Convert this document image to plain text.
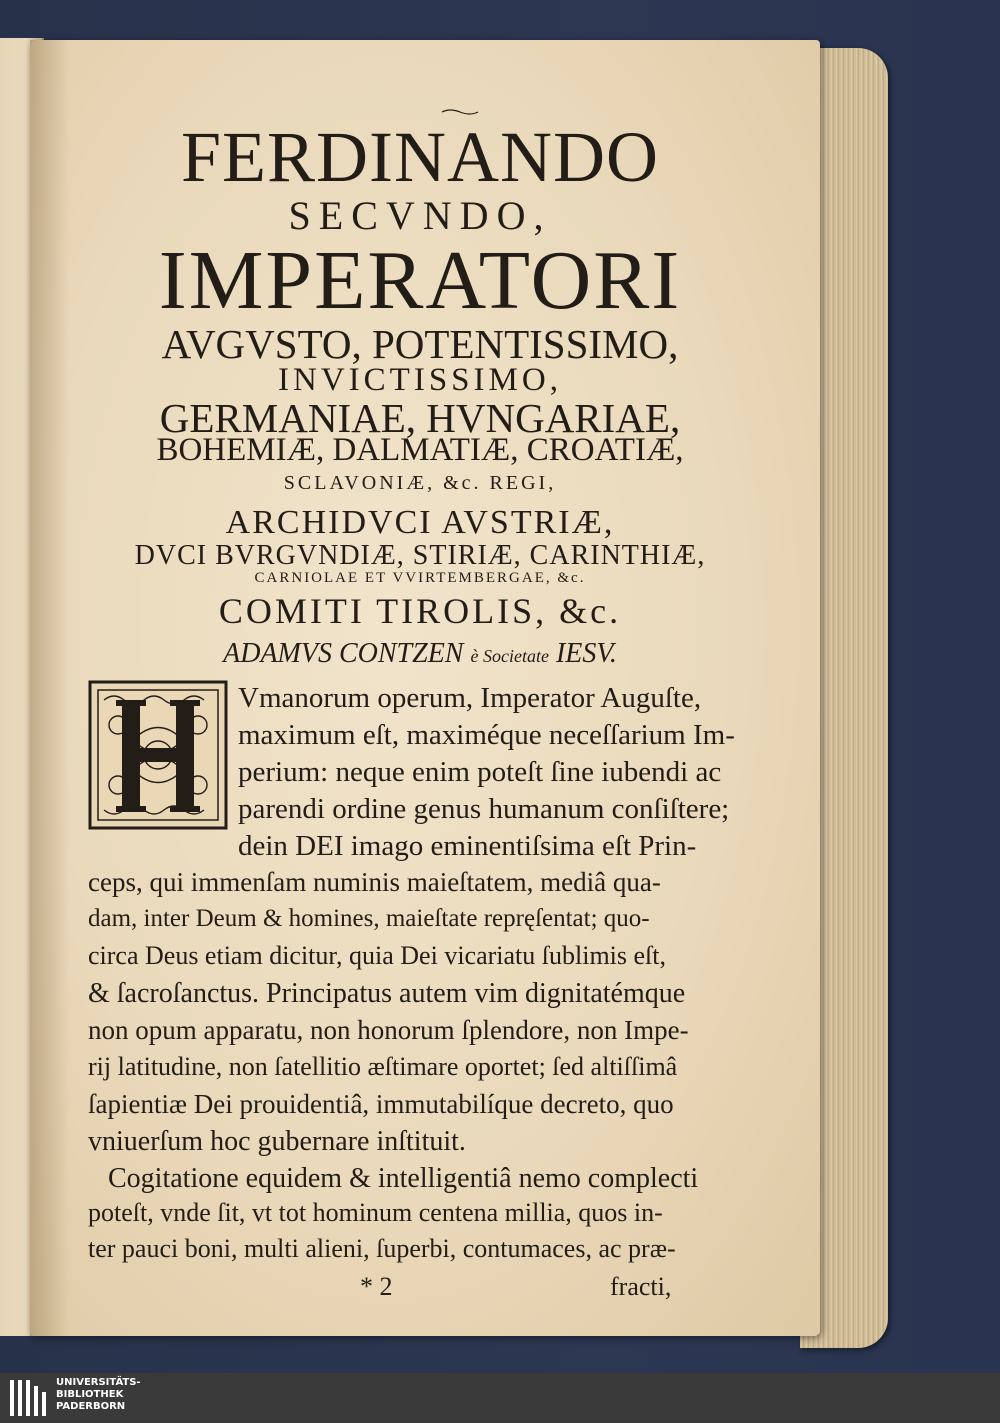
FERDINANDO
SECVNDO,
IMPERATORI
AVGVSTO, POTENTISSIMO,
INVICTISSIMO,
GERMANIAE, HVNGARIAE,
BOHEMIÆ, DALMATIÆ, CROATIÆ,
SCLAVONIÆ, &c. REGI,
ARCHIDVCI AVSTRIÆ,
DVCI BVRGVNDIÆ, STIRIÆ, CARINTHIÆ,
CARNIOLAE ET VVIRTEMBERGAE, &c.
COMITI TIROLIS, &c.
ADAMVS CONTZEN è Societate IESV.
Vmanorum operum, Imperator Auguſte,
maximum eſt, maximéque neceſſarium Im-
perium: neque enim poteſt ſine iubendi ac
parendi ordine genus humanum conſiſtere;
dein DEI imago eminentiſsima eſt Prin-
ceps, qui immenſam numinis maieſtatem, mediâ qua-
dam, inter Deum & homines, maieſtate repręſentat; quo-
circa Deus etiam dicitur, quia Dei vicariatu ſublimis eſt,
& ſacroſanctus. Principatus autem vim dignitatémque
non opum apparatu, non honorum ſplendore, non Impe-
rij latitudine, non ſatellitio æſtimare oportet; ſed altiſſimâ
ſapientiæ Dei prouidentiâ, immutabilíque decreto, quo
vniuerſum hoc gubernare inſtituit.
Cogitatione equidem & intelligentiâ nemo complecti
poteſt, vnde ſit, vt tot hominum centena millia, quos in-
ter pauci boni, multi alieni, ſuperbi, contumaces, ac præ-
* 2	fracti,
UNIVERSITÄTS-
BIBLIOTHEK
PADERBORN
